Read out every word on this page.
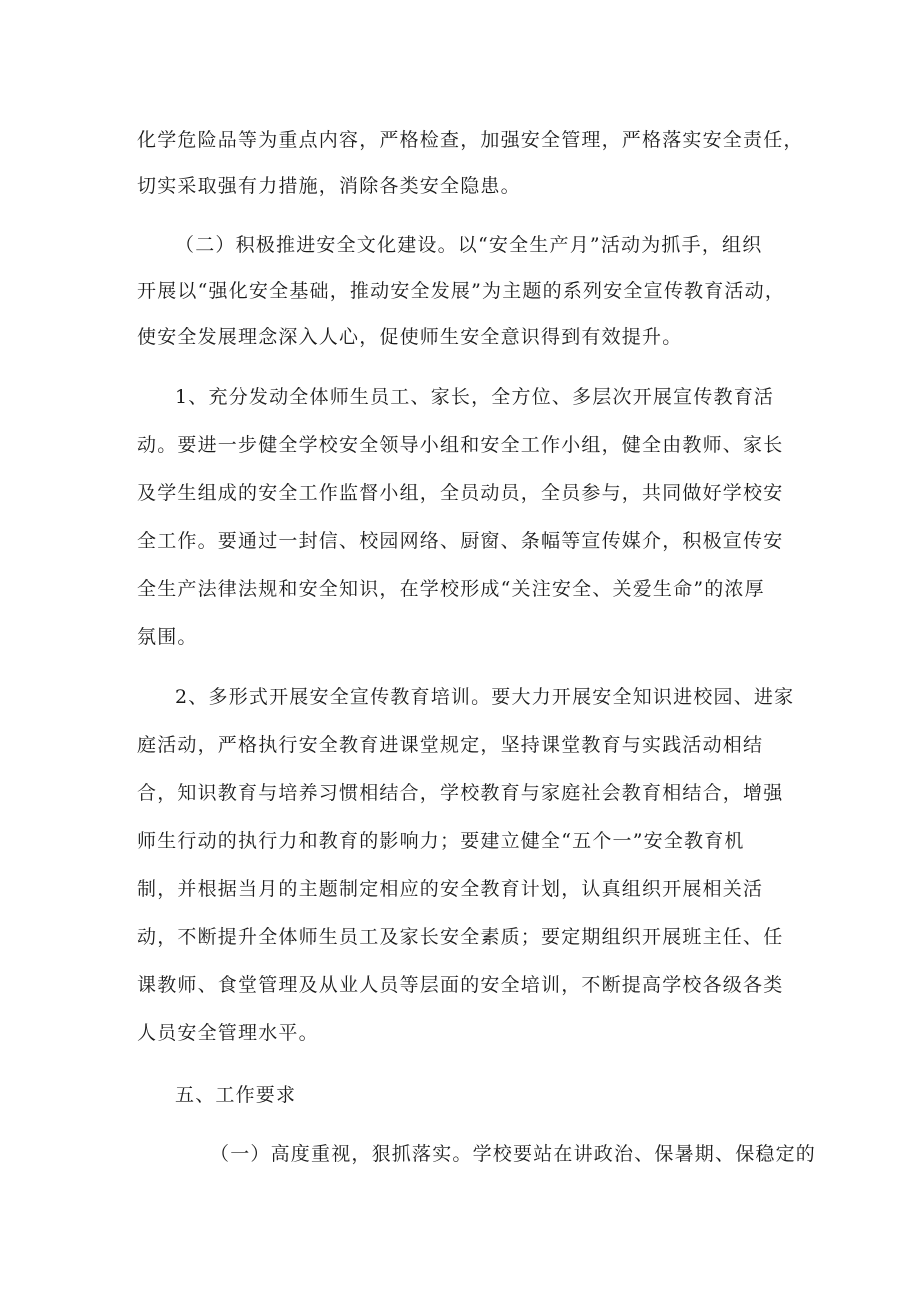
化学危险品等为重点内容，严格检查，加强安全管理，严格落实安全责任，
切实采取强有力措施，消除各类安全隐患。
（二）积极推进安全文化建设。以“安全生产月”活动为抓手，组织
开展以“强化安全基础，推动安全发展”为主题的系列安全宣传教育活动，
使安全发展理念深入人心，促使师生安全意识得到有效提升。
1、充分发动全体师生员工、家长，全方位、多层次开展宣传教育活
动。要进一步健全学校安全领导小组和安全工作小组，健全由教师、家长
及学生组成的安全工作监督小组，全员动员，全员参与，共同做好学校安
全工作。要通过一封信、校园网络、厨窗、条幅等宣传媒介，积极宣传安
全生产法律法规和安全知识，在学校形成“关注安全、关爱生命”的浓厚
氛围。
2、多形式开展安全宣传教育培训。要大力开展安全知识进校园、进家
庭活动，严格执行安全教育进课堂规定，坚持课堂教育与实践活动相结
合，知识教育与培养习惯相结合，学校教育与家庭社会教育相结合，增强
师生行动的执行力和教育的影响力；要建立健全“五个一”安全教育机
制，并根据当月的主题制定相应的安全教育计划，认真组织开展相关活
动，不断提升全体师生员工及家长安全素质；要定期组织开展班主任、任
课教师、食堂管理及从业人员等层面的安全培训，不断提高学校各级各类
人员安全管理水平。
五、工作要求
（一）高度重视，狠抓落实。学校要站在讲政治、保暑期、保稳定的
